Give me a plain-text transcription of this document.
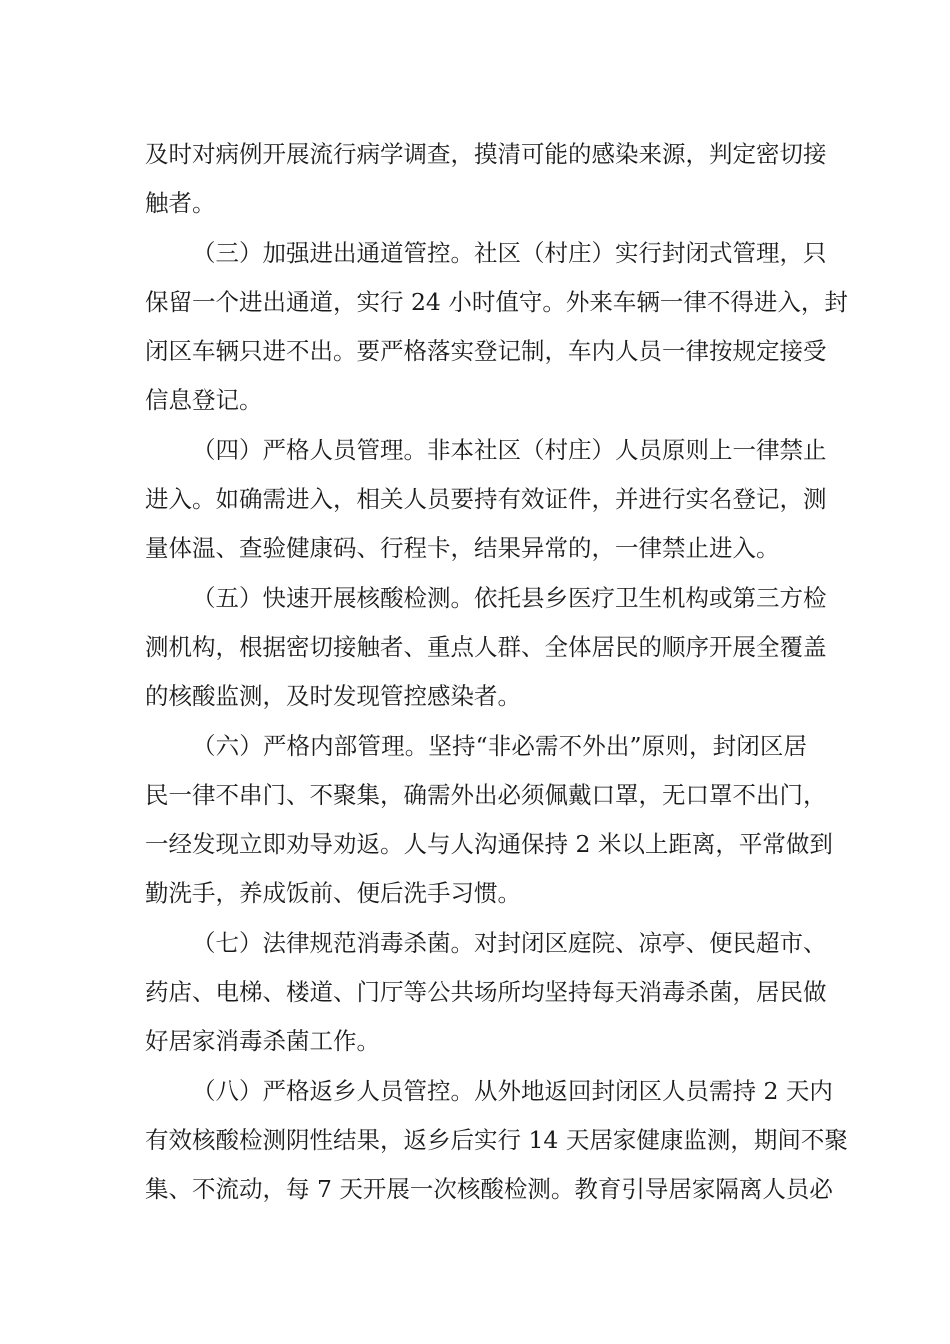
及时对病例开展流行病学调查，摸清可能的感染来源，判定密切接
触者。
（三）加强进出通道管控。社区（村庄）实行封闭式管理，只
保留一个进出通道，实行 24 小时值守。外来车辆一律不得进入，封
闭区车辆只进不出。要严格落实登记制，车内人员一律按规定接受
信息登记。
（四）严格人员管理。非本社区（村庄）人员原则上一律禁止
进入。如确需进入，相关人员要持有效证件，并进行实名登记，测
量体温、查验健康码、行程卡，结果异常的，一律禁止进入。
（五）快速开展核酸检测。依托县乡医疗卫生机构或第三方检
测机构，根据密切接触者、重点人群、全体居民的顺序开展全覆盖
的核酸监测，及时发现管控感染者。
（六）严格内部管理。坚持“非必需不外出”原则，封闭区居
民一律不串门、不聚集，确需外出必须佩戴口罩，无口罩不出门，
一经发现立即劝导劝返。人与人沟通保持 2 米以上距离，平常做到
勤洗手，养成饭前、便后洗手习惯。
（七）法律规范消毒杀菌。对封闭区庭院、凉亭、便民超市、
药店、电梯、楼道、门厅等公共场所均坚持每天消毒杀菌，居民做
好居家消毒杀菌工作。
（八）严格返乡人员管控。从外地返回封闭区人员需持 2 天内
有效核酸检测阴性结果，返乡后实行 14 天居家健康监测，期间不聚
集、不流动，每 7 天开展一次核酸检测。教育引导居家隔离人员必
